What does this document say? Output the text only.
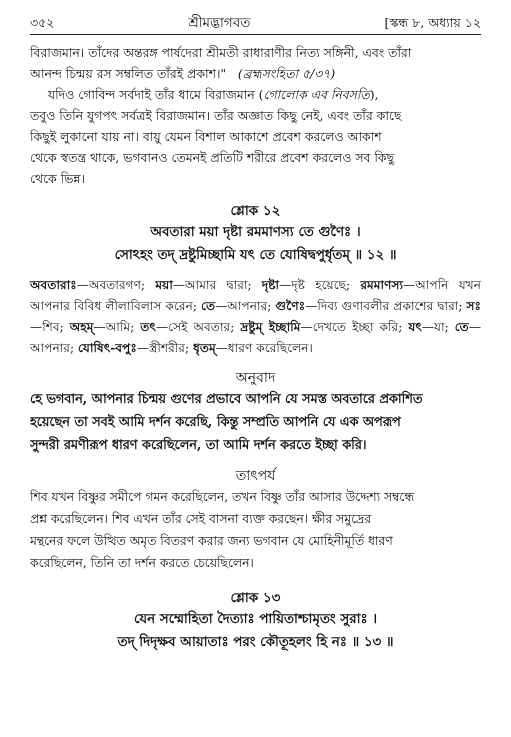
৩৫২	শ্রীমদ্ভাগবত	[স্কন্ধ ৮, অধ্যায় ১২
বিরাজমান। তাঁদের অন্তরঙ্গ পার্ষদেরা শ্রীমতী রাধারাণীর নিত্য সঙ্গিনী, এবং তাঁরা
আনন্দ চিন্ময় রস সম্বলিত তাঁরই প্রকাশ।" (ব্রহ্মসংহিতা ৫/৩৭)
যদিও গোবিন্দ সর্বদাই তাঁর ধামে বিরাজমান (গোলোক এব নিবসতি),
তবুও তিনি যুগপৎ সর্বত্রই বিরাজমান। তাঁর অজ্ঞাত কিছু নেই, এবং তাঁর কাছে
কিছুই লুকানো যায় না। বায়ু যেমন বিশাল আকাশে প্রবেশ করলেও আকাশ
থেকে স্বতন্ত্র থাকে, ভগবানও তেমনই প্রতিটি শরীরে প্রবেশ করলেও সব কিছু
থেকে ভিন্ন।
শ্লোক ১২
অবতারা ময়া দৃষ্টা রমমাণস্য তে গুণৈঃ ।
সোঽহং তদ্ দ্রষ্টুমিচ্ছামি যৎ তে যোষিদ্বপুর্ধৃতম্ ॥ ১২ ॥
অবতারাঃ—অবতারগণ; ময়া—আমার দ্বারা; দৃষ্টা—দৃষ্ট হয়েছে; রমমাণস্য—আপনি যখন আপনার বিবিধ লীলাবিলাস করেন; তে—আপনার; গুণৈঃ—দিব্য গুণাবলীর প্রকাশের দ্বারা; সঃ—শিব; অহম্—আমি; তৎ—সেই অবতার; দ্রষ্টুম্ ইচ্ছামি—দেখতে ইচ্ছা করি; যৎ—যা; তে—আপনার; যোষিৎ-বপুঃ—স্ত্রীশরীর; ধৃতম্—ধারণ করেছিলেন।
অনুবাদ
হে ভগবান, আপনার চিন্ময় গুণের প্রভাবে আপনি যে সমস্ত অবতারে প্রকাশিত
হয়েছেন তা সবই আমি দর্শন করেছি, কিন্তু সম্প্রতি আপনি যে এক অপরূপ
সুন্দরী রমণীরূপ ধারণ করেছিলেন, তা আমি দর্শন করতে ইচ্ছা করি।
তাৎপর্য
শিব যখন বিষ্ণুর সমীপে গমন করেছিলেন, তখন বিষ্ণু তাঁর আসার উদ্দেশ্য সম্বন্ধে
প্রশ্ন করেছিলেন। শিব এখন তাঁর সেই বাসনা ব্যক্ত করছেন। ক্ষীর সমুদ্রের
মন্থনের ফলে উত্থিত অমৃত বিতরণ করার জন্য ভগবান যে মোহিনীমূর্তি ধারণ
করেছিলেন, তিনি তা দর্শন করতে চেয়েছিলেন।
শ্লোক ১৩
যেন সম্মোহিতা দৈত্যাঃ পায়িতাশ্চামৃতং সুরাঃ ।
তদ্ দিদৃক্ষব আয়াতাঃ পরং কৌতূহলং হি নঃ ॥ ১৩ ॥
